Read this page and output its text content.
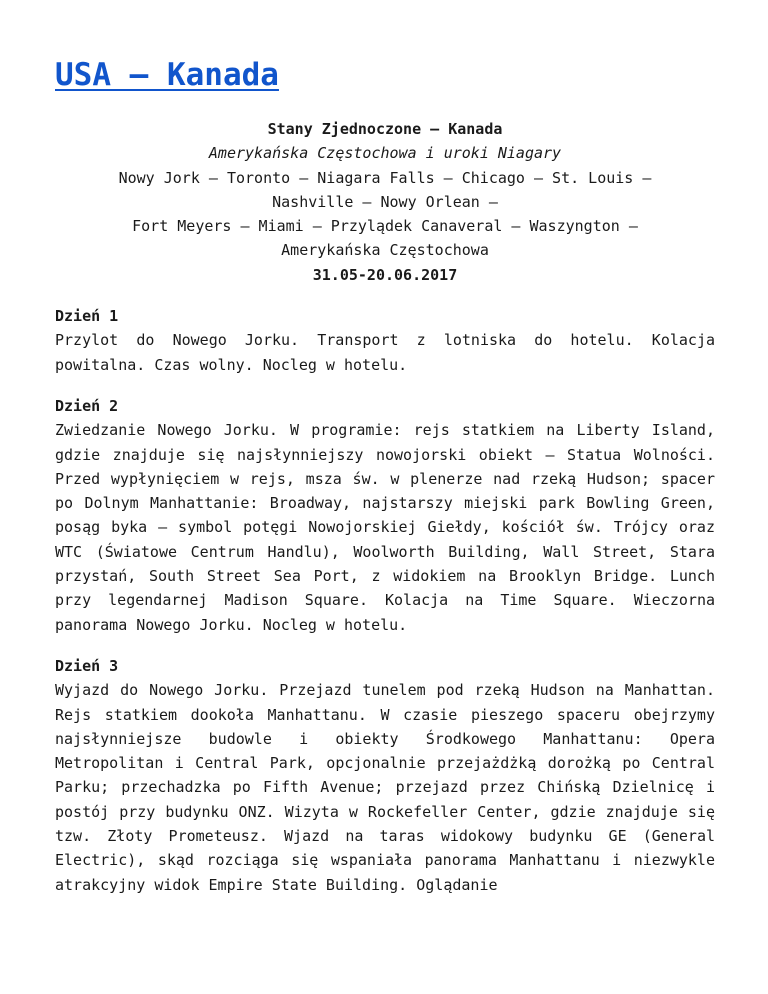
USA – Kanada
Stany Zjednoczone – Kanada
Amerykańska Częstochowa i uroki Niagary
Nowy Jork – Toronto – Niagara Falls – Chicago – St. Louis –
Nashville – Nowy Orlean –
Fort Meyers – Miami – Przylądek Canaveral – Waszyngton –
Amerykańska Częstochowa
31.05-20.06.2017
Dzień 1
Przylot do Nowego Jorku. Transport z lotniska do hotelu. Kolacja powitalna. Czas wolny. Nocleg w hotelu.
Dzień 2
Zwiedzanie Nowego Jorku. W programie: rejs statkiem na Liberty Island, gdzie znajduje się najsłynniejszy nowojorski obiekt – Statua Wolności. Przed wypłynięciem w rejs, msza św. w plenerze nad rzeką Hudson; spacer po Dolnym Manhattanie: Broadway, najstarszy miejski park Bowling Green, posąg byka – symbol potęgi Nowojorskiej Giełdy, kościół św. Trójcy oraz WTC (Światowe Centrum Handlu), Woolworth Building, Wall Street, Stara przystań, South Street Sea Port, z widokiem na Brooklyn Bridge. Lunch przy legendarnej Madison Square. Kolacja na Time Square. Wieczorna panorama Nowego Jorku. Nocleg w hotelu.
Dzień 3
Wyjazd do Nowego Jorku. Przejazd tunelem pod rzeką Hudson na Manhattan. Rejs statkiem dookoła Manhattanu. W czasie pieszego spaceru obejrzymy najsłynniejsze budowle i obiekty Środkowego Manhattanu: Opera Metropolitan i Central Park, opcjonalnie przejażdżką dorożką po Central Parku; przechadzka po Fifth Avenue; przejazd przez Chińską Dzielnicę i postój przy budynku ONZ. Wizyta w Rockefeller Center, gdzie znajduje się tzw. Złoty Prometeusz. Wjazd na taras widokowy budynku GE (General Electric), skąd rozciąga się wspaniała panorama Manhattanu i niezwykle atrakcyjny widok Empire State Building. Oglądanie
